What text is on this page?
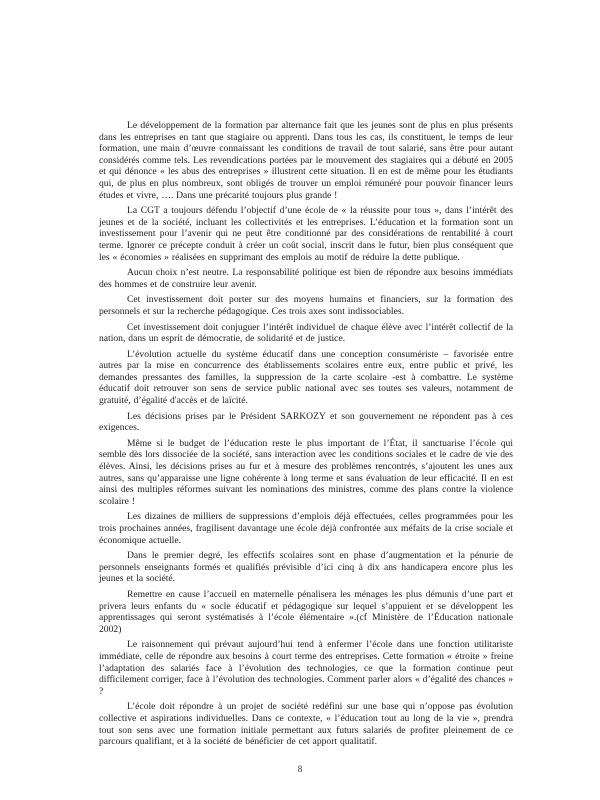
Le développement de la formation par alternance fait que les jeunes sont de plus en plus présents dans les entreprises en tant que stagiaire ou apprenti. Dans tous les cas, ils constituent, le temps de leur formation, une main d’œuvre connaissant les conditions de travail de tout salarié, sans être pour autant considérés comme tels. Les revendications portées par le mouvement des stagiaires qui a débuté en 2005 et qui dénonce « les abus des entreprises » illustrent cette situation. Il en est de même pour les étudiants qui, de plus en plus nombreux, sont obligés de trouver un emploi rémunéré pour pouvoir financer leurs études et vivre, …. Dans une précarité toujours plus grande !

La CGT a toujours défendu l’objectif d’une école de « la réussite pour tous », dans l’intérêt des jeunes et de la société, incluant les collectivités et les entreprises. L’éducation et la formation sont un investissement pour l’avenir qui ne peut être conditionné par des considérations de rentabilité à court terme. Ignorer ce précepte conduit à créer un coût social, inscrit dans le futur, bien plus conséquent que les « économies » réalisées en supprimant des emplois au motif de réduire la dette publique.

Aucun choix n’est neutre. La responsabilité politique est bien de répondre aux besoins immédiats des hommes et de construire leur avenir.

Cet investissement doit porter sur des moyens humains et financiers, sur la formation des personnels et sur la recherche pédagogique. Ces trois axes sont indissociables.

Cet investissement doit conjuguer l’intérêt individuel de chaque élève avec l’intérêt collectif de la nation, dans un esprit de démocratie, de solidarité et de justice.

L’évolution actuelle du système éducatif dans une conception consumériste – favorisée entre autres par la mise en concurrence des établissements scolaires entre eux, entre public et privé, les demandes pressantes des familles, la suppression de la carte scolaire -est à combattre. Le système éducatif doit retrouver son sens de service public national avec ses toutes ses valeurs, notamment de gratuité, d’égalité d'accès et de laïcité.

Les décisions prises par le Président SARKOZY et son gouvernement ne répondent pas à ces exigences.

Même si le budget de l’éducation reste le plus important de l’État, il sanctuarise l’école qui semble dès lors dissociée de la société, sans interaction avec les conditions sociales et le cadre de vie des élèves. Ainsi, les décisions prises au fur et à mesure des problèmes rencontrés, s’ajoutent les unes aux autres, sans qu’apparaisse une ligne cohérente à long terme et sans évaluation de leur efficacité. Il en est ainsi des multiples réformes suivant les nominations des ministres, comme des plans contre la violence scolaire !

Les dizaines de milliers de suppressions d’emplois déjà effectuées, celles programmées pour les trois prochaines années, fragilisent davantage une école déjà confrontée aux méfaits de la crise sociale et économique actuelle.

Dans le premier degré, les effectifs scolaires sont en phase d’augmentation et la pénurie de personnels enseignants formés et qualifiés prévisible d’ici cinq à dix ans handicapera encore plus les jeunes et la société.

Remettre en cause l’accueil en maternelle pénalisera les ménages les plus démunis d’une part et privera leurs enfants du « socle éducatif et pédagogique sur lequel s’appuient et se développent les apprentissages qui seront systématisés à l’école élémentaire ».(cf Ministère de l’Éducation nationale 2002)

Le raisonnement qui prévaut aujourd’hui tend à enfermer l’école dans une fonction utilitariste immédiate, celle de répondre aux besoins à court terme des entreprises. Cette formation « étroite » freine l’adaptation des salariés face à l’évolution des technologies, ce que la formation continue peut difficilement corriger, face à l’évolution des technologies. Comment parler alors « d’égalité des chances » ?

L’école doit répondre à un projet de société redéfini sur une base qui n’oppose pas évolution collective et aspirations individuelles. Dans ce contexte, « l’éducation tout au long de la vie », prendra tout son sens avec une formation initiale permettant aux futurs salariés de profiter pleinement de ce parcours qualifiant, et à la société de bénéficier de cet apport qualitatif.

8
